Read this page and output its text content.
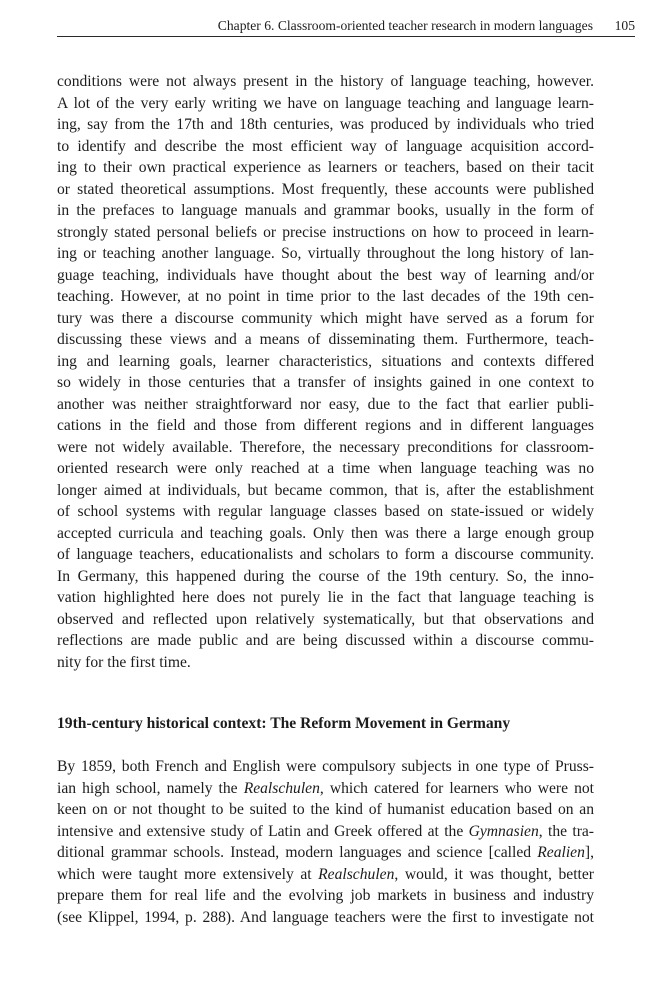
Chapter 6. Classroom-oriented teacher research in modern languages 105
conditions were not always present in the history of language teaching, however.
A lot of the very early writing we have on language teaching and language learn-
ing, say from the 17th and 18th centuries, was produced by individuals who tried
to identify and describe the most efficient way of language acquisition accord-
ing to their own practical experience as learners or teachers, based on their tacit
or stated theoretical assumptions. Most frequently, these accounts were published
in the prefaces to language manuals and grammar books, usually in the form of
strongly stated personal beliefs or precise instructions on how to proceed in learn-
ing or teaching another language. So, virtually throughout the long history of lan-
guage teaching, individuals have thought about the best way of learning and/or
teaching. However, at no point in time prior to the last decades of the 19th cen-
tury was there a discourse community which might have served as a forum for
discussing these views and a means of disseminating them. Furthermore, teach-
ing and learning goals, learner characteristics, situations and contexts differed
so widely in those centuries that a transfer of insights gained in one context to
another was neither straightforward nor easy, due to the fact that earlier publi-
cations in the field and those from different regions and in different languages
were not widely available. Therefore, the necessary preconditions for classroom-
oriented research were only reached at a time when language teaching was no
longer aimed at individuals, but became common, that is, after the establishment
of school systems with regular language classes based on state-issued or widely
accepted curricula and teaching goals. Only then was there a large enough group
of language teachers, educationalists and scholars to form a discourse community.
In Germany, this happened during the course of the 19th century. So, the inno-
vation highlighted here does not purely lie in the fact that language teaching is
observed and reflected upon relatively systematically, but that observations and
reflections are made public and are being discussed within a discourse commu-
nity for the first time.
19th-century historical context: The Reform Movement in Germany
By 1859, both French and English were compulsory subjects in one type of Pruss-
ian high school, namely the Realschulen, which catered for learners who were not
keen on or not thought to be suited to the kind of humanist education based on an
intensive and extensive study of Latin and Greek offered at the Gymnasien, the tra-
ditional grammar schools. Instead, modern languages and science [called Realien],
which were taught more extensively at Realschulen, would, it was thought, better
prepare them for real life and the evolving job markets in business and industry
(see Klippel, 1994, p. 288). And language teachers were the first to investigate not
